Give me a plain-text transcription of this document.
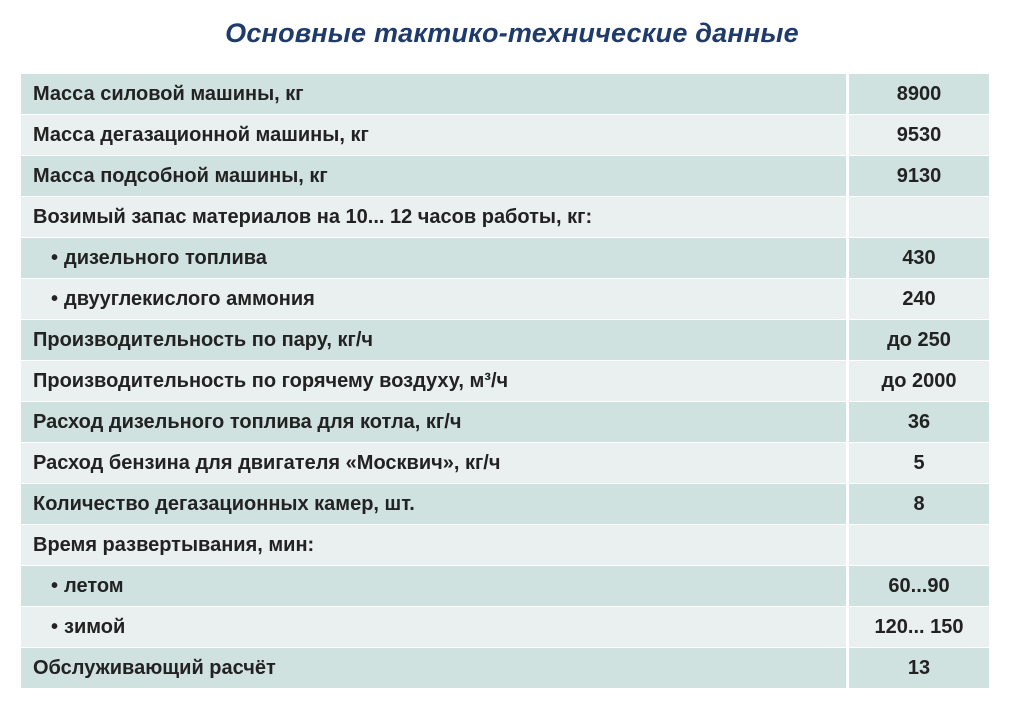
Основные тактико-технические данные
Масса силовой машины, кг	8900
Масса дегазационной машины, кг	9530
Масса подсобной машины, кг	9130
Возимый запас материалов на 10... 12 часов работы, кг:	
• дизельного топлива	430
• двууглекислого аммония	240
Производительность по пару, кг/ч	до 250
Производительность по горячему воздуху, м³/ч	до 2000
Расход дизельного топлива для котла, кг/ч	36
Расход бензина для двигателя «Москвич», кг/ч	5
Количество дегазационных камер, шт.	8
Время развертывания, мин:	
• летом	60...90
• зимой	120... 150
Обслуживающий расчёт	13
